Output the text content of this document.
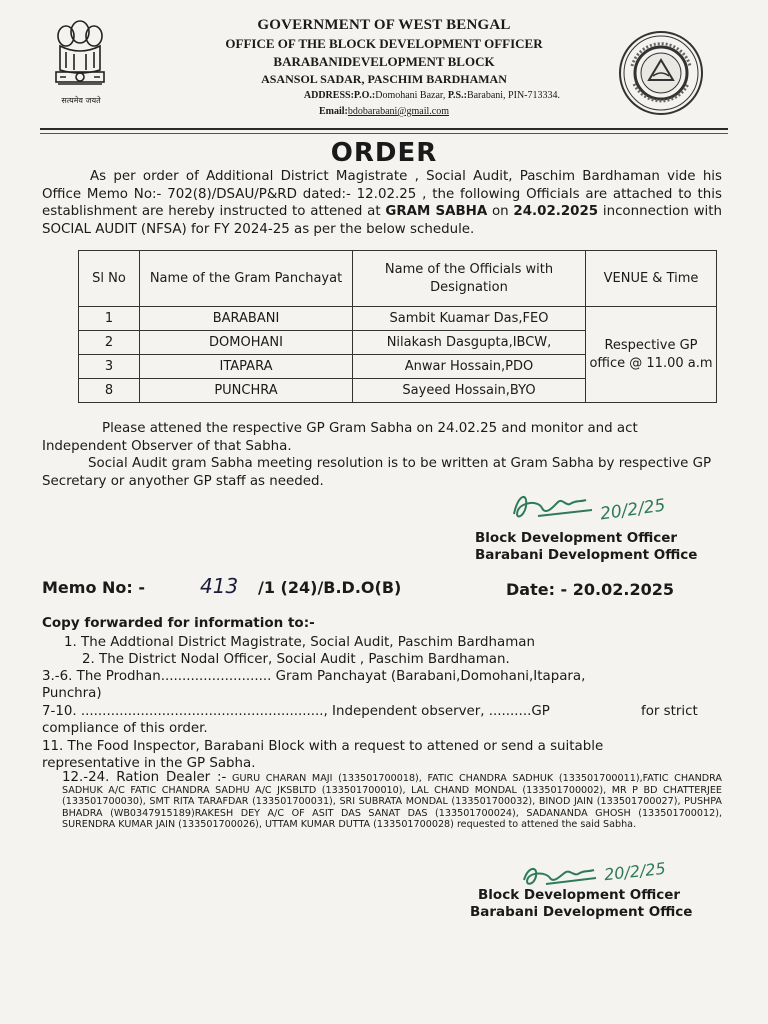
सत्यमेव जयते
GOVERNMENT OF WEST BENGAL
OFFICE OF THE BLOCK DEVELOPMENT OFFICER
BARABANIDEVELOPMENT BLOCK
ASANSOL SADAR, PASCHIM BARDHAMAN
ADDRESS:P.O.:Domohani Bazar, P.S.:Barabani, PIN-713334.
Email:bdobarabani@gmail.com
ORDER
As per order of Additional District Magistrate , Social Audit, Paschim Bardhaman vide his Office Memo No:- 702(8)/DSAU/P&RD dated:- 12.02.25 , the following Officials are attached to this establishment are hereby instructed to attened at GRAM SABHA on 24.02.2025 inconnection with SOCIAL AUDIT (NFSA) for FY 2024-25 as per the below schedule.
Sl No	Name of the Gram Panchayat	Name of the Officials with Designation	VENUE & Time
1	BARABANI	Sambit Kuamar Das,FEO	Respective GP office @ 11.00 a.m
2	DOMOHANI	Nilakash Dasgupta,IBCW,	
3	ITAPARA	Anwar Hossain,PDO	
8	PUNCHRA	Sayeed Hossain,BYO	
Please attened the respective GP Gram Sabha on 24.02.25 and monitor and act Independent Observer of that Sabha.
Social Audit gram Sabha meeting resolution is to be written at Gram Sabha by respective GP Secretary or anyother GP staff as needed.
20/2/25
Block Development Officer
Barabani Development Office
Memo No: -	413 /1 (24)/B.D.O(B)	Date: - 20.02.2025
Copy forwarded for information to:-
1. The Addtional District Magistrate, Social Audit, Paschim Bardhaman
2. The District Nodal Officer, Social Audit , Paschim Bardhaman.
3.-6. The Prodhan.......................... Gram Panchayat (Barabani,Domohani,Itapara,
Punchra)
7-10. ........................................................., Independent observer, ..........GP	for strict
compliance of this order.
11. The Food Inspector, Barabani Block with a request to attened or send a suitable
representative in the GP Sabha.
12.-24. Ration Dealer :- GURU CHARAN MAJI (133501700018), FATIC CHANDRA SADHUK (133501700011),FATIC CHANDRA SADHUK A/C FATIC CHANDRA SADHU A/C JKSBLTD (133501700010), LAL CHAND MONDAL (133501700002), MR P BD CHATTERJEE (133501700030), SMT RITA TARAFDAR (133501700031), SRI SUBRATA MONDAL (133501700032), BINOD JAIN (133501700027), PUSHPA BHADRA (WB0347915189)RAKESH DEY A/C OF ASIT DAS SANAT DAS (133501700024), SADANANDA GHOSH (133501700012), SURENDRA KUMAR JAIN (133501700026), UTTAM KUMAR DUTTA (133501700028) requested to attened the said Sabha.
20/2/25
Block Development Officer
Barabani Development Office
